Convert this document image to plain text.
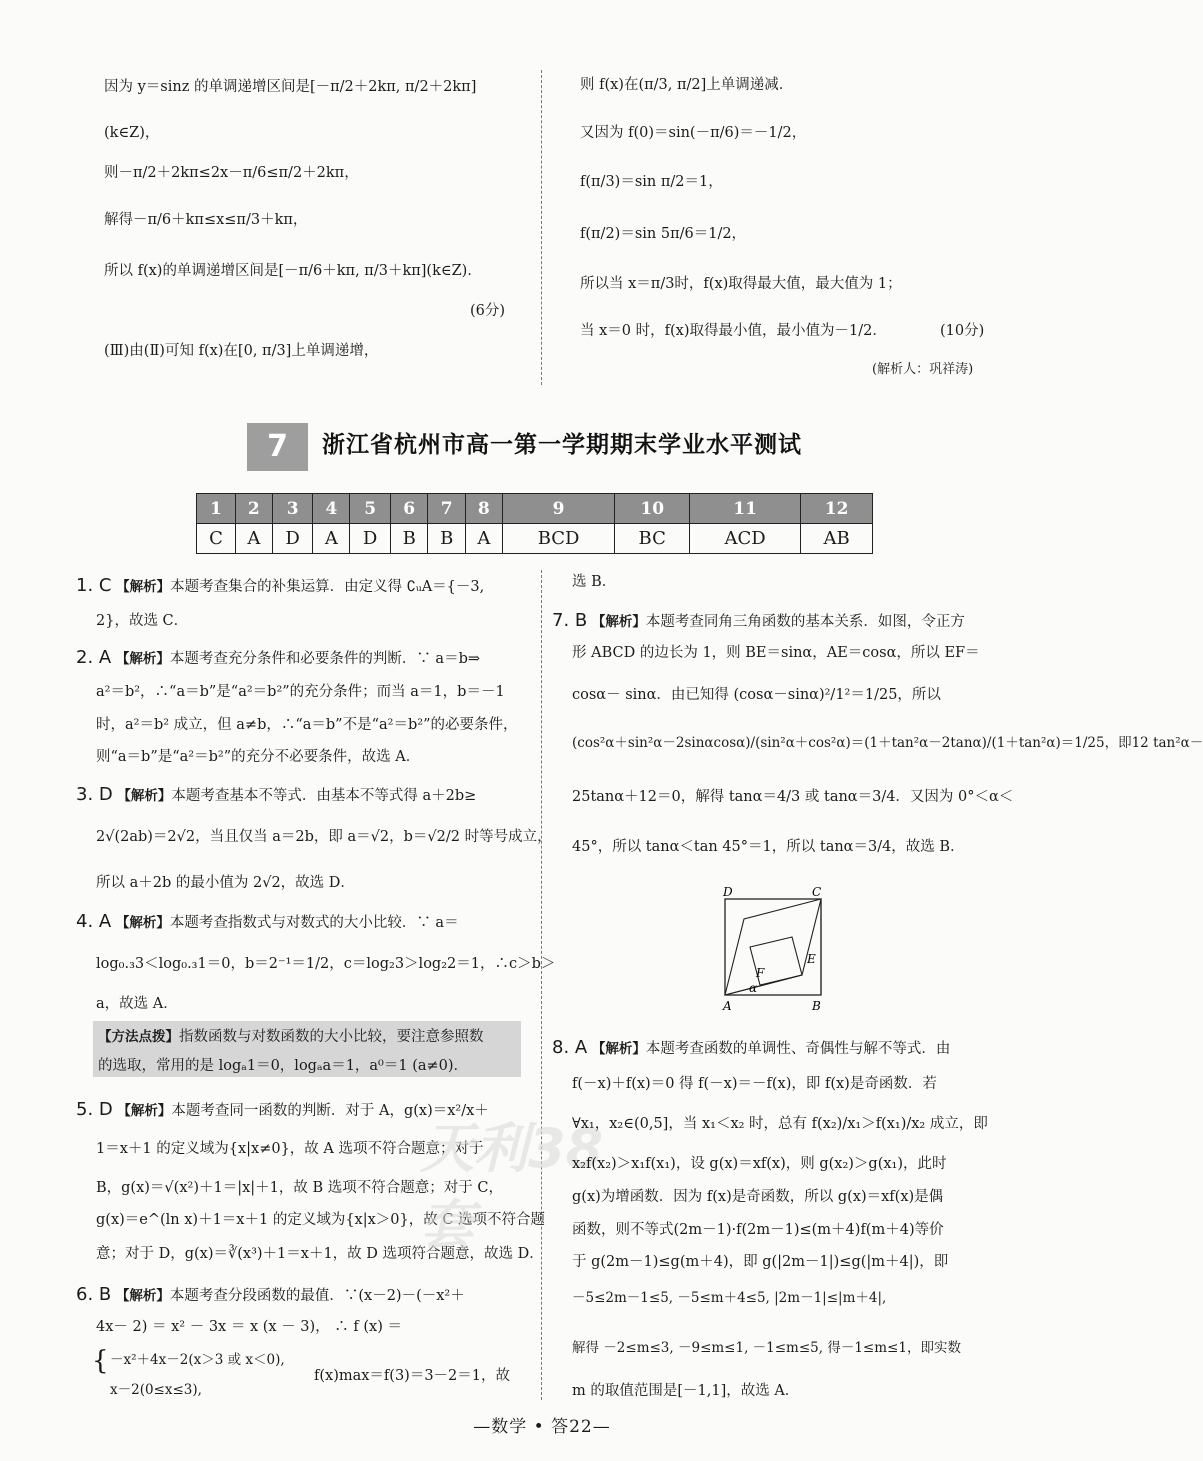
因为 y＝sinz 的单调递增区间是[－π/2＋2kπ, π/2＋2kπ]
(k∈Z)，
则－π/2＋2kπ≤2x－π/6≤π/2＋2kπ，
解得－π/6＋kπ≤x≤π/3＋kπ，
所以 f(x)的单调递增区间是[－π/6＋kπ, π/3＋kπ](k∈Z)．
(6分)
(Ⅲ)由(Ⅱ)可知 f(x)在[0, π/3]上单调递增，
则 f(x)在(π/3, π/2]上单调递减．
又因为 f(0)＝sin(－π/6)＝－1/2，
f(π/3)＝sin π/2＝1，
f(π/2)＝sin 5π/6＝1/2，
所以当 x＝π/3时，f(x)取得最大值，最大值为 1；
当 x＝0 时，f(x)取得最小值，最小值为－1/2．	(10分)
(解析人：巩祥涛)
7	浙江省杭州市高一第一学期期末学业水平测试
1	2	3	4	5	6	7	8	9	10	11	12
C	A	D	A	D	B	B	A	BCD	BC	ACD	AB
1. C 【解析】本题考查集合的补集运算．由定义得 ∁ᵤA＝{－3,
2}，故选 C．
2. A 【解析】本题考查充分条件和必要条件的判断．∵ a＝b⇒
a²＝b²，∴“a＝b”是“a²＝b²”的充分条件；而当 a＝1，b＝－1
时，a²＝b² 成立，但 a≠b，∴“a＝b”不是“a²＝b²”的必要条件，
则“a＝b”是“a²＝b²”的充分不必要条件，故选 A．
3. D 【解析】本题考查基本不等式．由基本不等式得 a＋2b≥
2√(2ab)＝2√2，当且仅当 a＝2b，即 a＝√2，b＝√2/2 时等号成立，
所以 a＋2b 的最小值为 2√2，故选 D．
4. A 【解析】本题考查指数式与对数式的大小比较．∵ a＝
log₀.₃3＜log₀.₃1＝0，b＝2⁻¹＝1/2，c＝log₂3＞log₂2＝1，∴c＞b＞
a，故选 A．
【方法点拨】指数函数与对数函数的大小比较，要注意参照数
的选取，常用的是 logₐ1＝0，logₐa＝1，a⁰＝1 (a≠0)．
5. D 【解析】本题考查同一函数的判断．对于 A，g(x)＝x²/x＋
1＝x＋1 的定义域为{x|x≠0}，故 A 选项不符合题意；对于
B，g(x)＝√(x²)＋1＝|x|＋1，故 B 选项不符合题意；对于 C，
g(x)＝e^(ln x)＋1＝x＋1 的定义域为{x|x＞0}，故 C 选项不符合题
意；对于 D，g(x)＝∛(x³)＋1＝x＋1，故 D 选项符合题意，故选 D．
6. B 【解析】本题考查分段函数的最值．∵(x－2)－(－x²＋
4x－ 2) ＝ x² － 3x ＝ x (x － 3)， ∴ f (x) ＝
{ －x²＋4x－2(x＞3 或 x＜0),
x－2(0≤x≤3),
f(x)max＝f(3)＝3－2＝1，故
天利38套
选 B．
7. B 【解析】本题考查同角三角函数的基本关系．如图，令正方
形 ABCD 的边长为 1，则 BE＝sinα，AE＝cosα，所以 EF＝
cosα－ sinα．由已知得 (cosα－sinα)²/1²＝1/25，所以
(cos²α＋sin²α－2sinαcosα)/(sin²α＋cos²α)＝(1＋tan²α－2tanα)/(1＋tan²α)＝1/25，即12 tan²α－
25tanα＋12＝0，解得 tanα＝4/3 或 tanα＝3/4．又因为 0°＜α＜
45°，所以 tanα＜tan 45°＝1，所以 tanα＝3/4，故选 B．
D	C
E
F
α
A	B
8. A 【解析】本题考查函数的单调性、奇偶性与解不等式．由
f(－x)＋f(x)＝0 得 f(－x)＝－f(x)，即 f(x)是奇函数．若
∀x₁，x₂∈(0,5]，当 x₁＜x₂ 时，总有 f(x₂)/x₁＞f(x₁)/x₂ 成立，即
x₂f(x₂)＞x₁f(x₁)，设 g(x)＝xf(x)，则 g(x₂)＞g(x₁)，此时
g(x)为增函数．因为 f(x)是奇函数，所以 g(x)＝xf(x)是偶
函数，则不等式(2m－1)·f(2m－1)≤(m＋4)f(m＋4)等价
于 g(2m－1)≤g(m＋4)，即 g(|2m－1|)≤g(|m＋4|)，即
－5≤2m－1≤5, －5≤m＋4≤5, |2m－1|≤|m＋4|,
解得 －2≤m≤3, －9≤m≤1, －1≤m≤5, 得－1≤m≤1，即实数
m 的取值范围是[－1,1]，故选 A．
—数学 • 答22—
